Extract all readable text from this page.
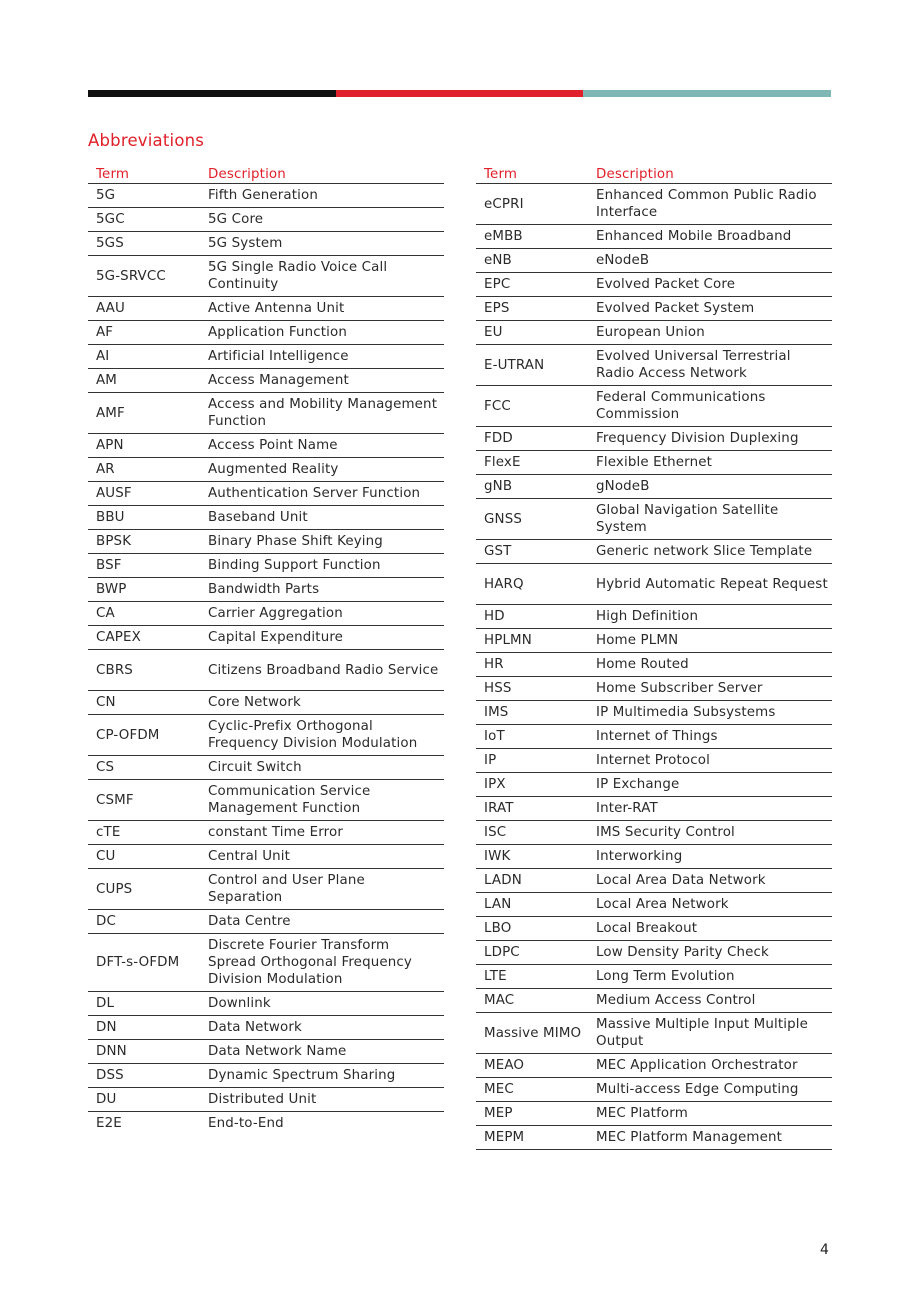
Abbreviations
Term	Description
5G	Fifth Generation
5GC	5G Core
5GS	5G System
5G-SRVCC	5G Single Radio Voice Call Continuity
AAU	Active Antenna Unit
AF	Application Function
AI	Artificial Intelligence
AM	Access Management
AMF	Access and Mobility Management Function
APN	Access Point Name
AR	Augmented Reality
AUSF	Authentication Server Function
BBU	Baseband Unit
BPSK	Binary Phase Shift Keying
BSF	Binding Support Function
BWP	Bandwidth Parts
CA	Carrier Aggregation
CAPEX	Capital Expenditure
CBRS	Citizens Broadband Radio Service
CN	Core Network
CP-OFDM	Cyclic-Prefix Orthogonal Frequency Division Modulation
CS	Circuit Switch
CSMF	Communication Service Management Function
cTE	constant Time Error
CU	Central Unit
CUPS	Control and User Plane Separation
DC	Data Centre
DFT-s-OFDM	Discrete Fourier Transform Spread Orthogonal Frequency Division Modulation
DL	Downlink
DN	Data Network
DNN	Data Network Name
DSS	Dynamic Spectrum Sharing
DU	Distributed Unit
E2E	End-to-End
Term	Description
eCPRI	Enhanced Common Public Radio Interface
eMBB	Enhanced Mobile Broadband
eNB	eNodeB
EPC	Evolved Packet Core
EPS	Evolved Packet System
EU	European Union
E-UTRAN	Evolved Universal Terrestrial Radio Access Network
FCC	Federal Communications Commission
FDD	Frequency Division Duplexing
FlexE	Flexible Ethernet
gNB	gNodeB
GNSS	Global Navigation Satellite System
GST	Generic network Slice Template
HARQ	Hybrid Automatic Repeat Request
HD	High Definition
HPLMN	Home PLMN
HR	Home Routed
HSS	Home Subscriber Server
IMS	IP Multimedia Subsystems
IoT	Internet of Things
IP	Internet Protocol
IPX	IP Exchange
IRAT	Inter-RAT
ISC	IMS Security Control
IWK	Interworking
LADN	Local Area Data Network
LAN	Local Area Network
LBO	Local Breakout
LDPC	Low Density Parity Check
LTE	Long Term Evolution
MAC	Medium Access Control
Massive MIMO	Massive Multiple Input Multiple Output
MEAO	MEC Application Orchestrator
MEC	Multi-access Edge Computing
MEP	MEC Platform
MEPM	MEC Platform Management
4
